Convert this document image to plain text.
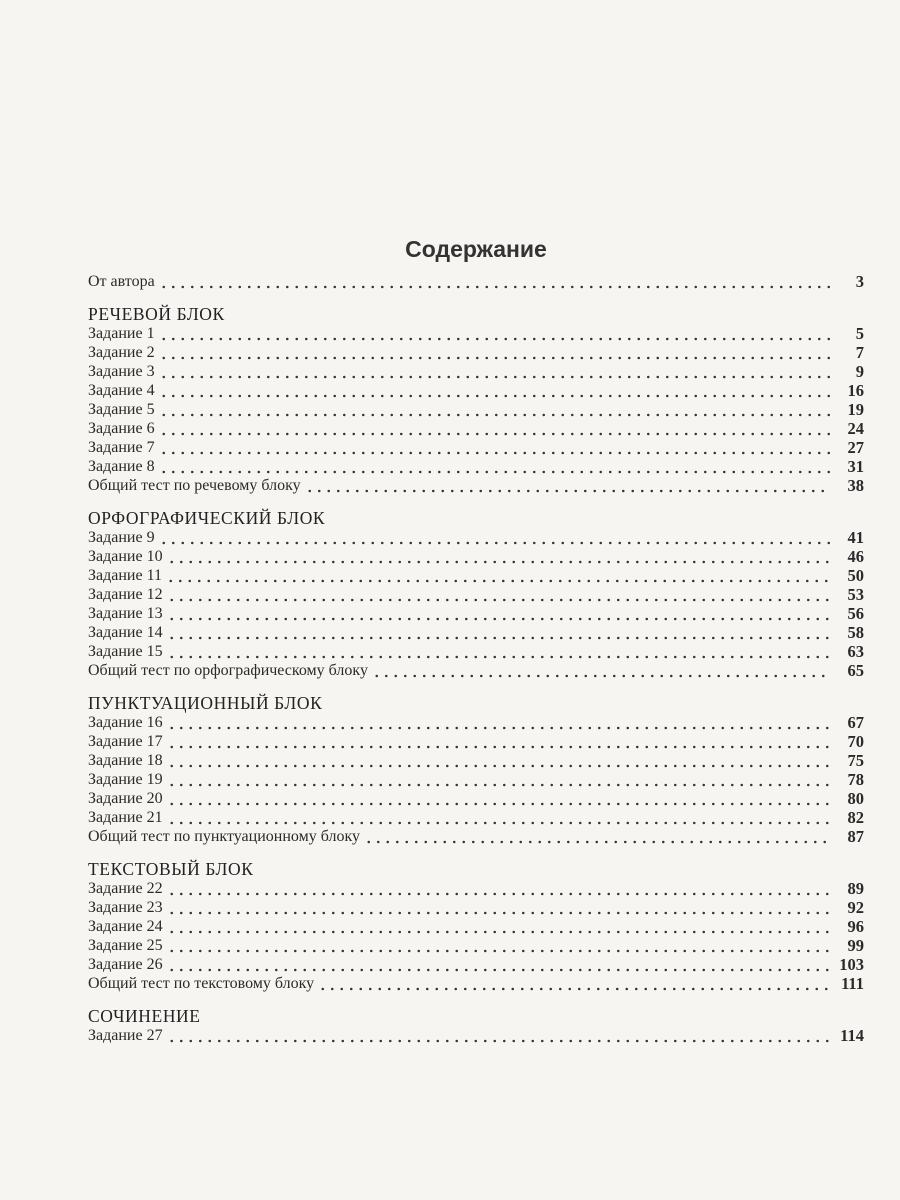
Содержание
От автора	3
РЕЧЕВОЙ БЛОК
Задание 1	5
Задание 2	7
Задание 3	9
Задание 4	16
Задание 5	19
Задание 6	24
Задание 7	27
Задание 8	31
Общий тест по речевому блоку	38
ОРФОГРАФИЧЕСКИЙ БЛОК
Задание 9	41
Задание 10	46
Задание 11	50
Задание 12	53
Задание 13	56
Задание 14	58
Задание 15	63
Общий тест по орфографическому блоку	65
ПУНКТУАЦИОННЫЙ БЛОК
Задание 16	67
Задание 17	70
Задание 18	75
Задание 19	78
Задание 20	80
Задание 21	82
Общий тест по пунктуационному блоку	87
ТЕКСТОВЫЙ БЛОК
Задание 22	89
Задание 23	92
Задание 24	96
Задание 25	99
Задание 26	103
Общий тест по текстовому блоку	111
СОЧИНЕНИЕ
Задание 27	114
